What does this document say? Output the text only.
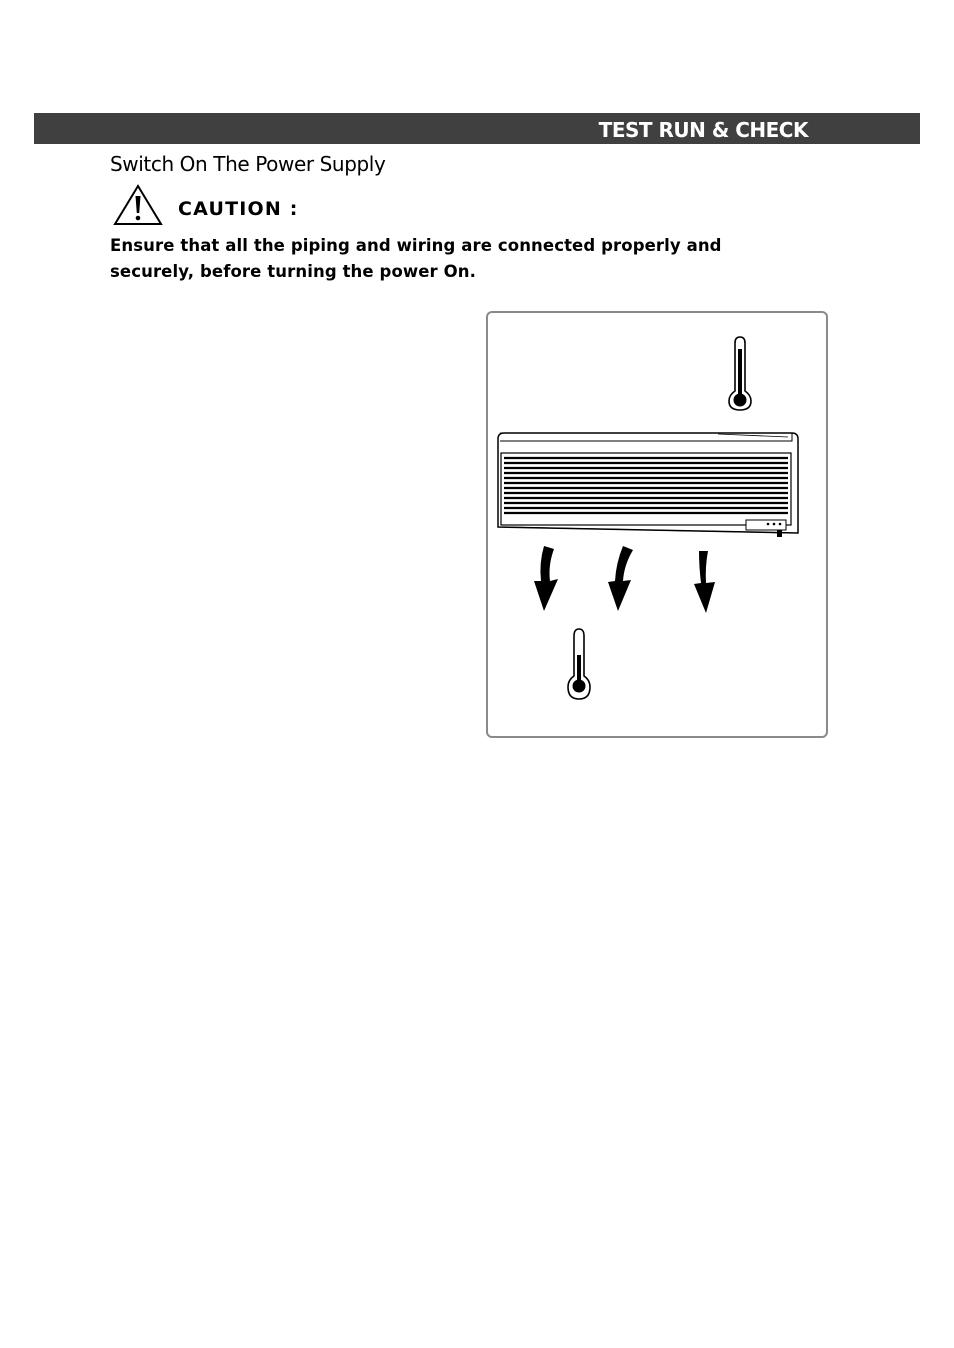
TEST RUN & CHECK
Switch On The Power Supply
CAUTION :
Ensure that all the piping and wiring are connected properly and
securely, before turning the power On.
